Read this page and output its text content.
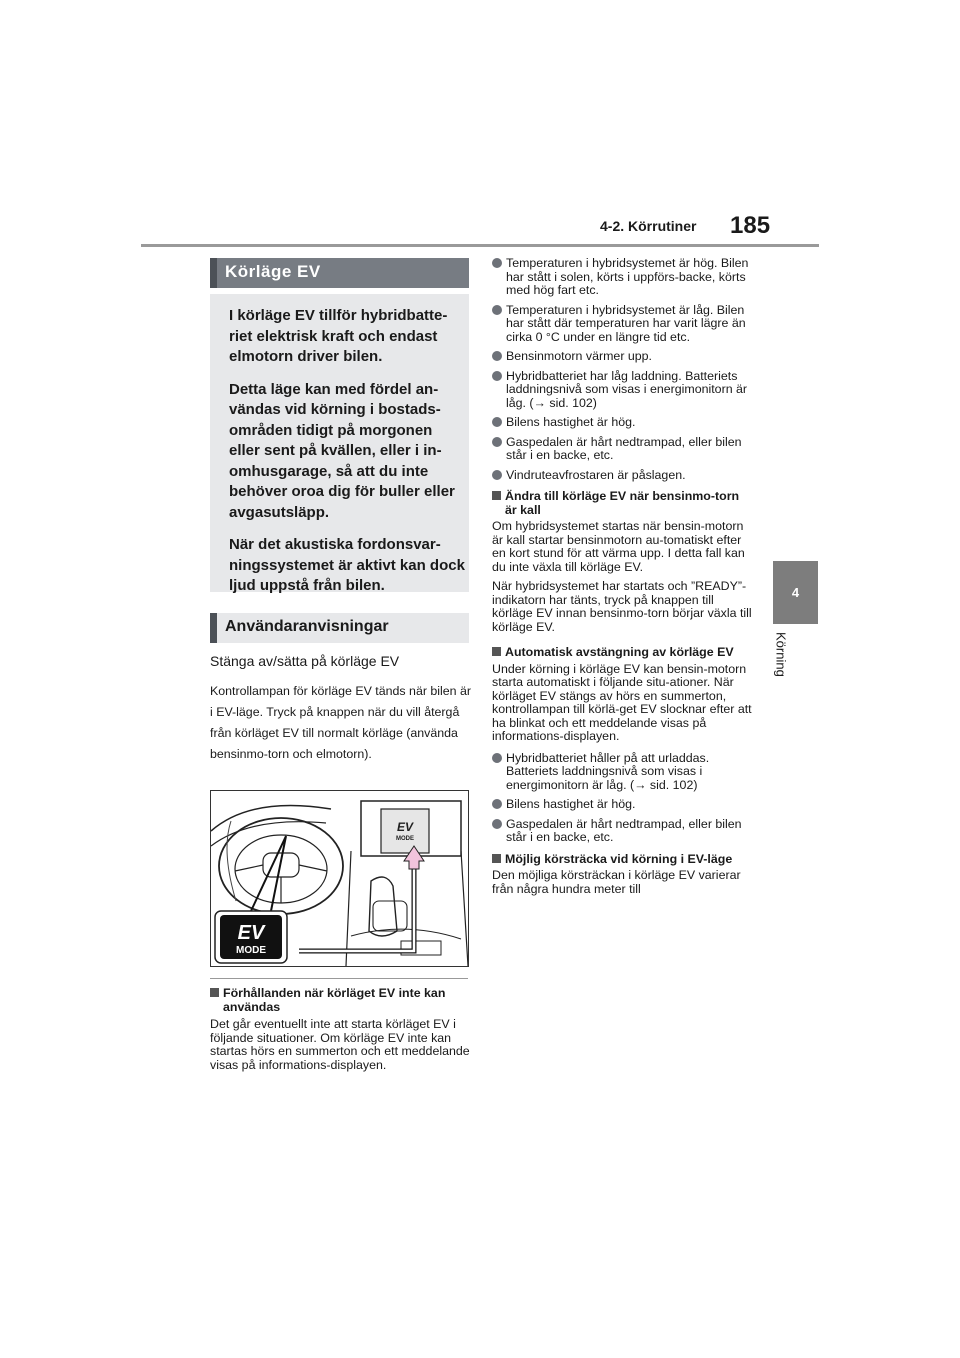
4-2. Körrutiner 185
4
Körning
Körläge EV

I körläge EV tillför hybridbatte-riet elektrisk kraft och endast elmotorn driver bilen.

Detta läge kan med fördel an-vändas vid körning i bostads-områden tidigt på morgonen eller sent på kvällen, eller i in-omhusgarage, så att du inte behöver oroa dig för buller eller avgasutsläpp.

När det akustiska fordonsvar-ningssystemet är aktivt kan dock ljud uppstå från bilen.

Användaranvisningar
Stänga av/sätta på körläge EV
Kontrollampan för körläge EV tänds när bilen är i EV-läge. Tryck på knappen när du vill återgå från körläget EV till normalt körläge (använda bensinmo-torn och elmotorn).
EV
MODE
EV
MODE
Förhållanden när körläget EV inte kan användas
Det går eventuellt inte att starta körläget EV i följande situationer. Om körläge EV inte kan startas hörs en summerton och ett meddelande visas på informations-displayen.
Temperaturen i hybridsystemet är hög. Bilen har stått i solen, körts i uppförs-backe, körts med hög fart etc.
Temperaturen i hybridsystemet är låg. Bilen har stått där temperaturen har varit lägre än cirka 0 °C under en längre tid etc.
Bensinmotorn värmer upp.
Hybridbatteriet har låg laddning. Batteriets laddningsnivå som visas i energimonitorn är låg. (→ sid. 102)
Bilens hastighet är hög.
Gaspedalen är hårt nedtrampad, eller bilen står i en backe, etc.
Vindruteavfrostaren är påslagen.
Ändra till körläge EV när bensinmo-torn är kall
Om hybridsystemet startas när bensin-motorn är kall startar bensinmotorn au-tomatiskt efter en kort stund för att värma upp. I detta fall kan du inte växla till körläge EV.
När hybridsystemet har startats och ”READY”-indikatorn har tänts, tryck på knappen till körläge EV innan bensinmo-torn börjar växla till körläge EV.
Automatisk avstängning av körläge EV
Under körning i körläge EV kan bensin-motorn starta automatiskt i följande situ-ationer. När körläget EV stängs av hörs en summerton, kontrollampan till körlä-get EV slocknar efter att ha blinkat och ett meddelande visas på informations-displayen.
Hybridbatteriet håller på att urladdas. Batteriets laddningsnivå som visas i energimonitorn är låg. (→ sid. 102)
Bilens hastighet är hög.
Gaspedalen är hårt nedtrampad, eller bilen står i en backe, etc.
Möjlig körsträcka vid körning i EV-läge
Den möjliga körsträckan i körläge EV varierar från några hundra meter till
